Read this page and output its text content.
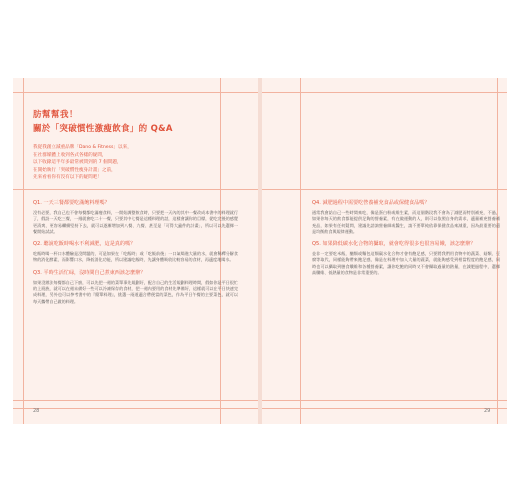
肪幫幫我！
關於「突破慣性激瘦飲食」的 Q&A
我從我創立減重品牌「Dano & Fitness」以來，
在社群媒體上收到各式各樣的疑問，
以下收錄這半年多最常被問到的 7 個問題，
在開始執行「突破慣性瘦身計畫」之前，
先來看看你有沒有以下的疑問吧！
Q1. 一天三餐都要吃滿飽料理嗎？
沒有必要，我自己也不會每餐都吃滿瘦食料，一開始調整飲食時，只要把一天內的其中一餐改成本書中的料理就行了，假設一天吃三餐，一週就會吃二十一餐，只要其中七餐是這種料理的話，這樣會讓你的目標，從吃完後的感覺更清爽、更容易繼續堅持下去，就可以逐漸增加到八餐、九餐、甚至是「可得大蟲件的計畫」，所以可以先選擇一餐開始試試。
Q2. 聽說吃飯時喝水不利減肥，這是真的嗎？
吃飯時喝一杯口水體驗是沒問題的，可是如果在「吃飯時」或「吃飯前後」一口氣喝進大量的水，就會稀釋分解食物的消化酵素，而影響口水，降低消化功能，所以建議吃飯時，先讓身體吸收比較容易的食材，再適度地喝水。
Q3. 平時生活忙碌，沒時間自己煮東西該怎麼辦？
如果沒辦法每餐都自己下廚，可以先把一週的菜單事先規劃好，配合自己的生活規劃料理時間，假如你是平日很忙的上班族，就可以在週末備好一些可以冷凍保存的食材，把一週內要用的食材先準備好，這樣就可以在平日快速完成料理，另外也可以參考書中的『簡單料理』，挑選一兩道適合帶便當的菜色，作為平日午餐的主要菜色，就可以每天攜帶自己做的料理。
28
Q4. 減肥過程中需要吃營養補充食品或保健食品嗎？
通常我會給自己一些時間來吃，像是蛋白粉或維生素，而這個階段我不會為了減肥而特別補充，不過，如果你每天的飲食都能提供足夠的營養素，有在做運動的人，則可以依照自身的需求，適量補充營養補充品，如果有任何疑問，建議先諮詢營養師或醫生，請不要單純依靠保健食品來減重，因為最重要的還是均衡飲食與規律運動。
Q5. 如果降低碳水化合物的攝取，就會吃得很多也很容易餓，該怎麼辦？
並非一定要吃米飯，醣類或麵包這類碳水化合物才會有飽足感，只要將我們用食物中的蔬菜、菇類、豆腐等取代，同樣能夠帶來飽足感，像是在料理中加入大量的蔬菜，就能夠感受到相當程度的飽足感，同時也可以攝取到膳食纖維和各種營養素，讓你吃飽的同時又不會攝取過量的熱量，在減肥過程中，選擇高纖維、低熱量的食物是非常重要的。
29
